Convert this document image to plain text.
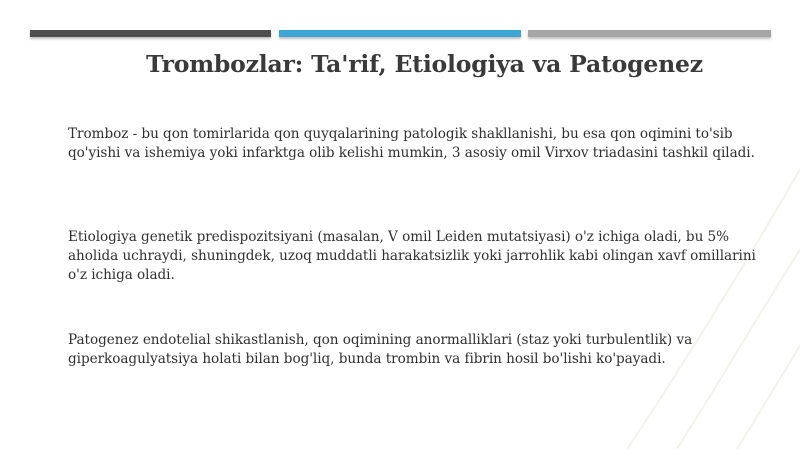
Trombozlar: Ta'rif, Etiologiya va Patogenez

Tromboz - bu qon tomirlarida qon quyqalarining patologik shakllanishi, bu esa qon oqimini to'sib qo'yishi va ishemiya yoki infarktga olib kelishi mumkin, 3 asosiy omil Virxov triadasini tashkil qiladi.

Etiologiya genetik predispozitsiyani (masalan, V omil Leiden mutatsiyasi) o'z ichiga oladi, bu 5% aholida uchraydi, shuningdek, uzoq muddatli harakatsizlik yoki jarrohlik kabi olingan xavf omillarini o'z ichiga oladi.

Patogenez endotelial shikastlanish, qon oqimining anormalliklari (staz yoki turbulentlik) va giperkoagulyatsiya holati bilan bog'liq, bunda trombin va fibrin hosil bo'lishi ko'payadi.
